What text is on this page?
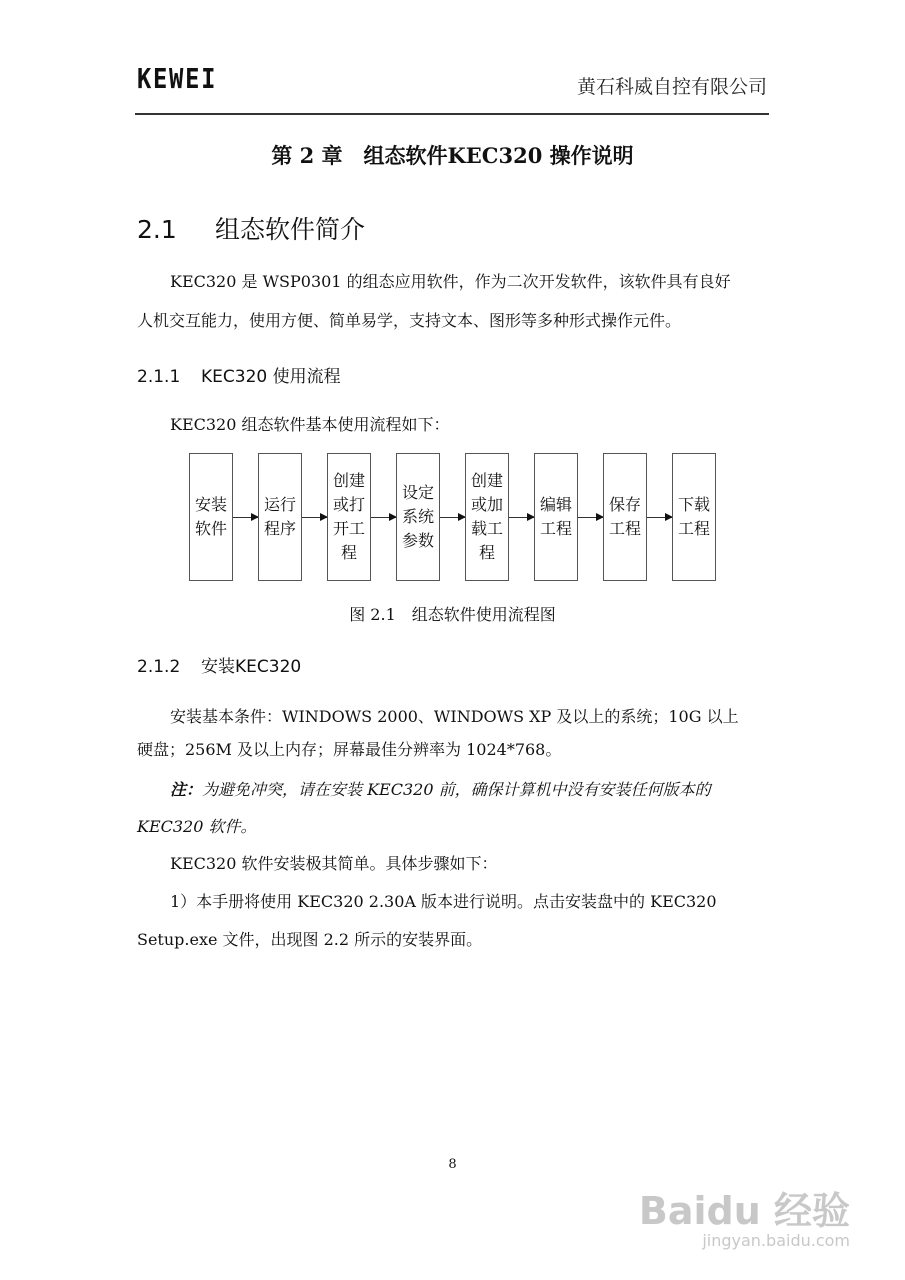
KEWEI	黄石科威自控有限公司
第 2 章　组态软件KEC320 操作说明
2.1 组态软件简介
KEC320 是 WSP0301 的组态应用软件，作为二次开发软件，该软件具有良好
人机交互能力，使用方便、简单易学，支持文本、图形等多种形式操作元件。
2.1.1 KEC320 使用流程
KEC320 组态软件基本使用流程如下：
安装软件
运行程序
创建或打开工程
设定系统参数
创建或加载工程
编辑工程
保存工程
下载工程
图 2.1　组态软件使用流程图
2.1.2 安装KEC320
安装基本条件：WINDOWS 2000、WINDOWS XP 及以上的系统；10G 以上
硬盘；256M 及以上内存；屏幕最佳分辨率为 1024*768。
注：为避免冲突，请在安装 KEC320 前，确保计算机中没有安装任何版本的
KEC320 软件。
KEC320 软件安装极其简单。具体步骤如下：
1）本手册将使用 KEC320 2.30A 版本进行说明。点击安装盘中的 KEC320
Setup.exe 文件，出现图 2.2 所示的安装界面。
8
Baidu 经验
jingyan.baidu.com
